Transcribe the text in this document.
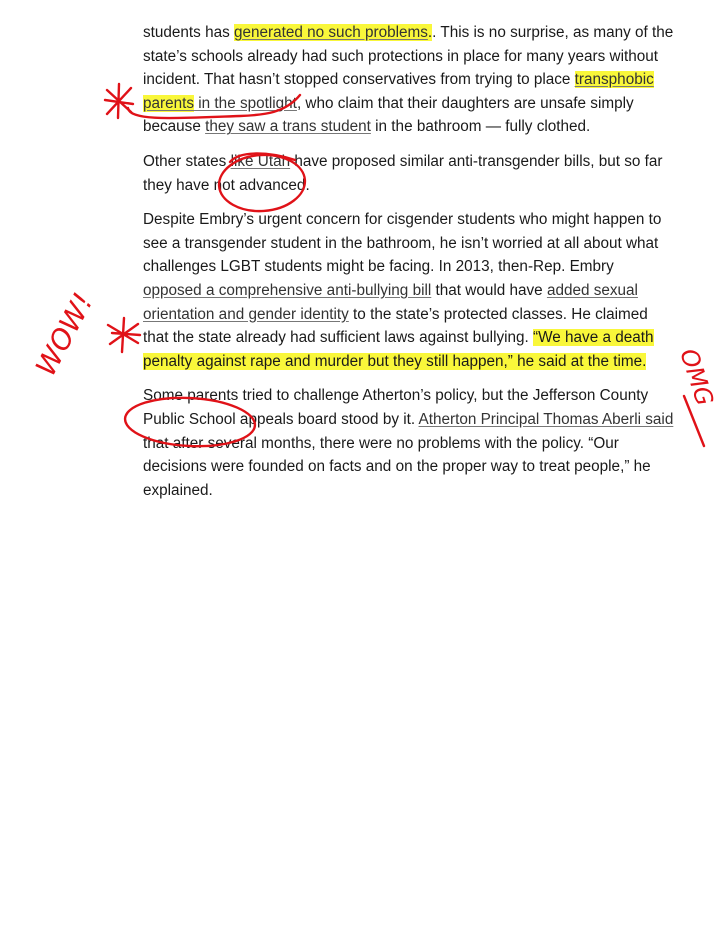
students has generated no such problems.. This is no surprise, as many of the state’s schools already had such protections in place for many years without incident. That hasn’t stopped conservatives from trying to place transphobic parents in the spotlight, who claim that their daughters are unsafe simply because they saw a trans student in the bathroom — fully clothed.

Other states like Utah have proposed similar anti-transgender bills, but so far they have not advanced.

Despite Embry’s urgent concern for cisgender students who might happen to see a transgender student in the bathroom, he isn’t worried at all about what challenges LGBT students might be facing. In 2013, then-Rep. Embry opposed a comprehensive anti-bullying bill that would have added sexual orientation and gender identity to the state’s protected classes. He claimed that the state already had sufficient laws against bullying. “We have a death penalty against rape and murder but they still happen,” he said at the time.

Some parents tried to challenge Atherton’s policy, but the Jefferson County Public School appeals board stood by it. Atherton Principal Thomas Aberli said that after several months, there were no problems with the policy. “Our decisions were founded on facts and on the proper way to treat people,” he explained.

WOW!	OMG
